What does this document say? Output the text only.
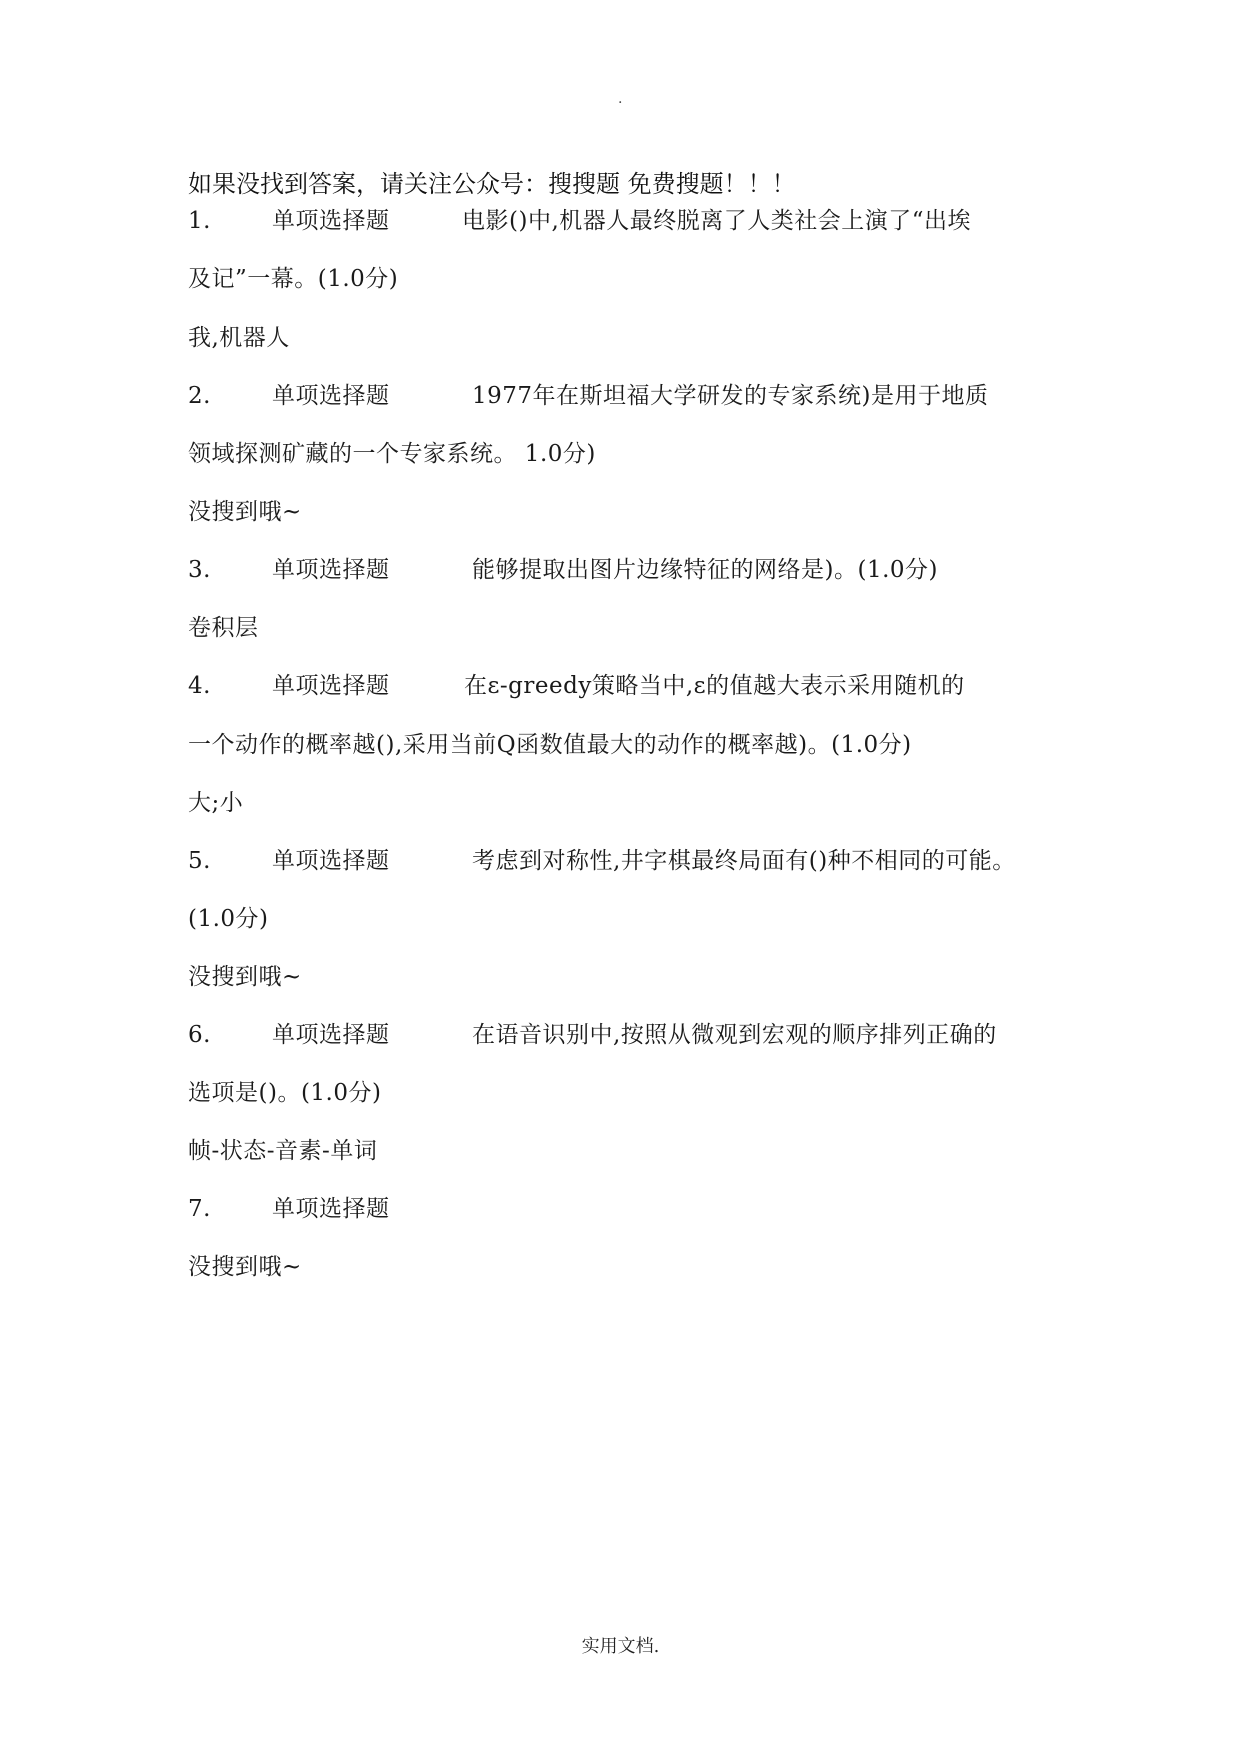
.
如果没找到答案，请关注公众号：搜搜题 免费搜题！！！
1.	单项选择题	电影()中,机器人最终脱离了人类社会上演了“出埃
及记”一幕。(1.0分)
我,机器人
2.	单项选择题	1977年在斯坦福大学研发的专家系统)是用于地质
领域探测矿藏的一个专家系统。 1.0分)
没搜到哦~
3.	单项选择题	能够提取出图片边缘特征的网络是)。(1.0分)
卷积层
4.	单项选择题	在ε-greedy策略当中,ε的值越大表示采用随机的
一个动作的概率越(),采用当前Q函数值最大的动作的概率越)。(1.0分)
大;小
5.	单项选择题	考虑到对称性,井字棋最终局面有()种不相同的可能。
(1.0分)
没搜到哦~
6.	单项选择题	在语音识别中,按照从微观到宏观的顺序排列正确的
选项是()。(1.0分)
帧-状态-音素-单词
7.	单项选择题
没搜到哦~
实用文档.
